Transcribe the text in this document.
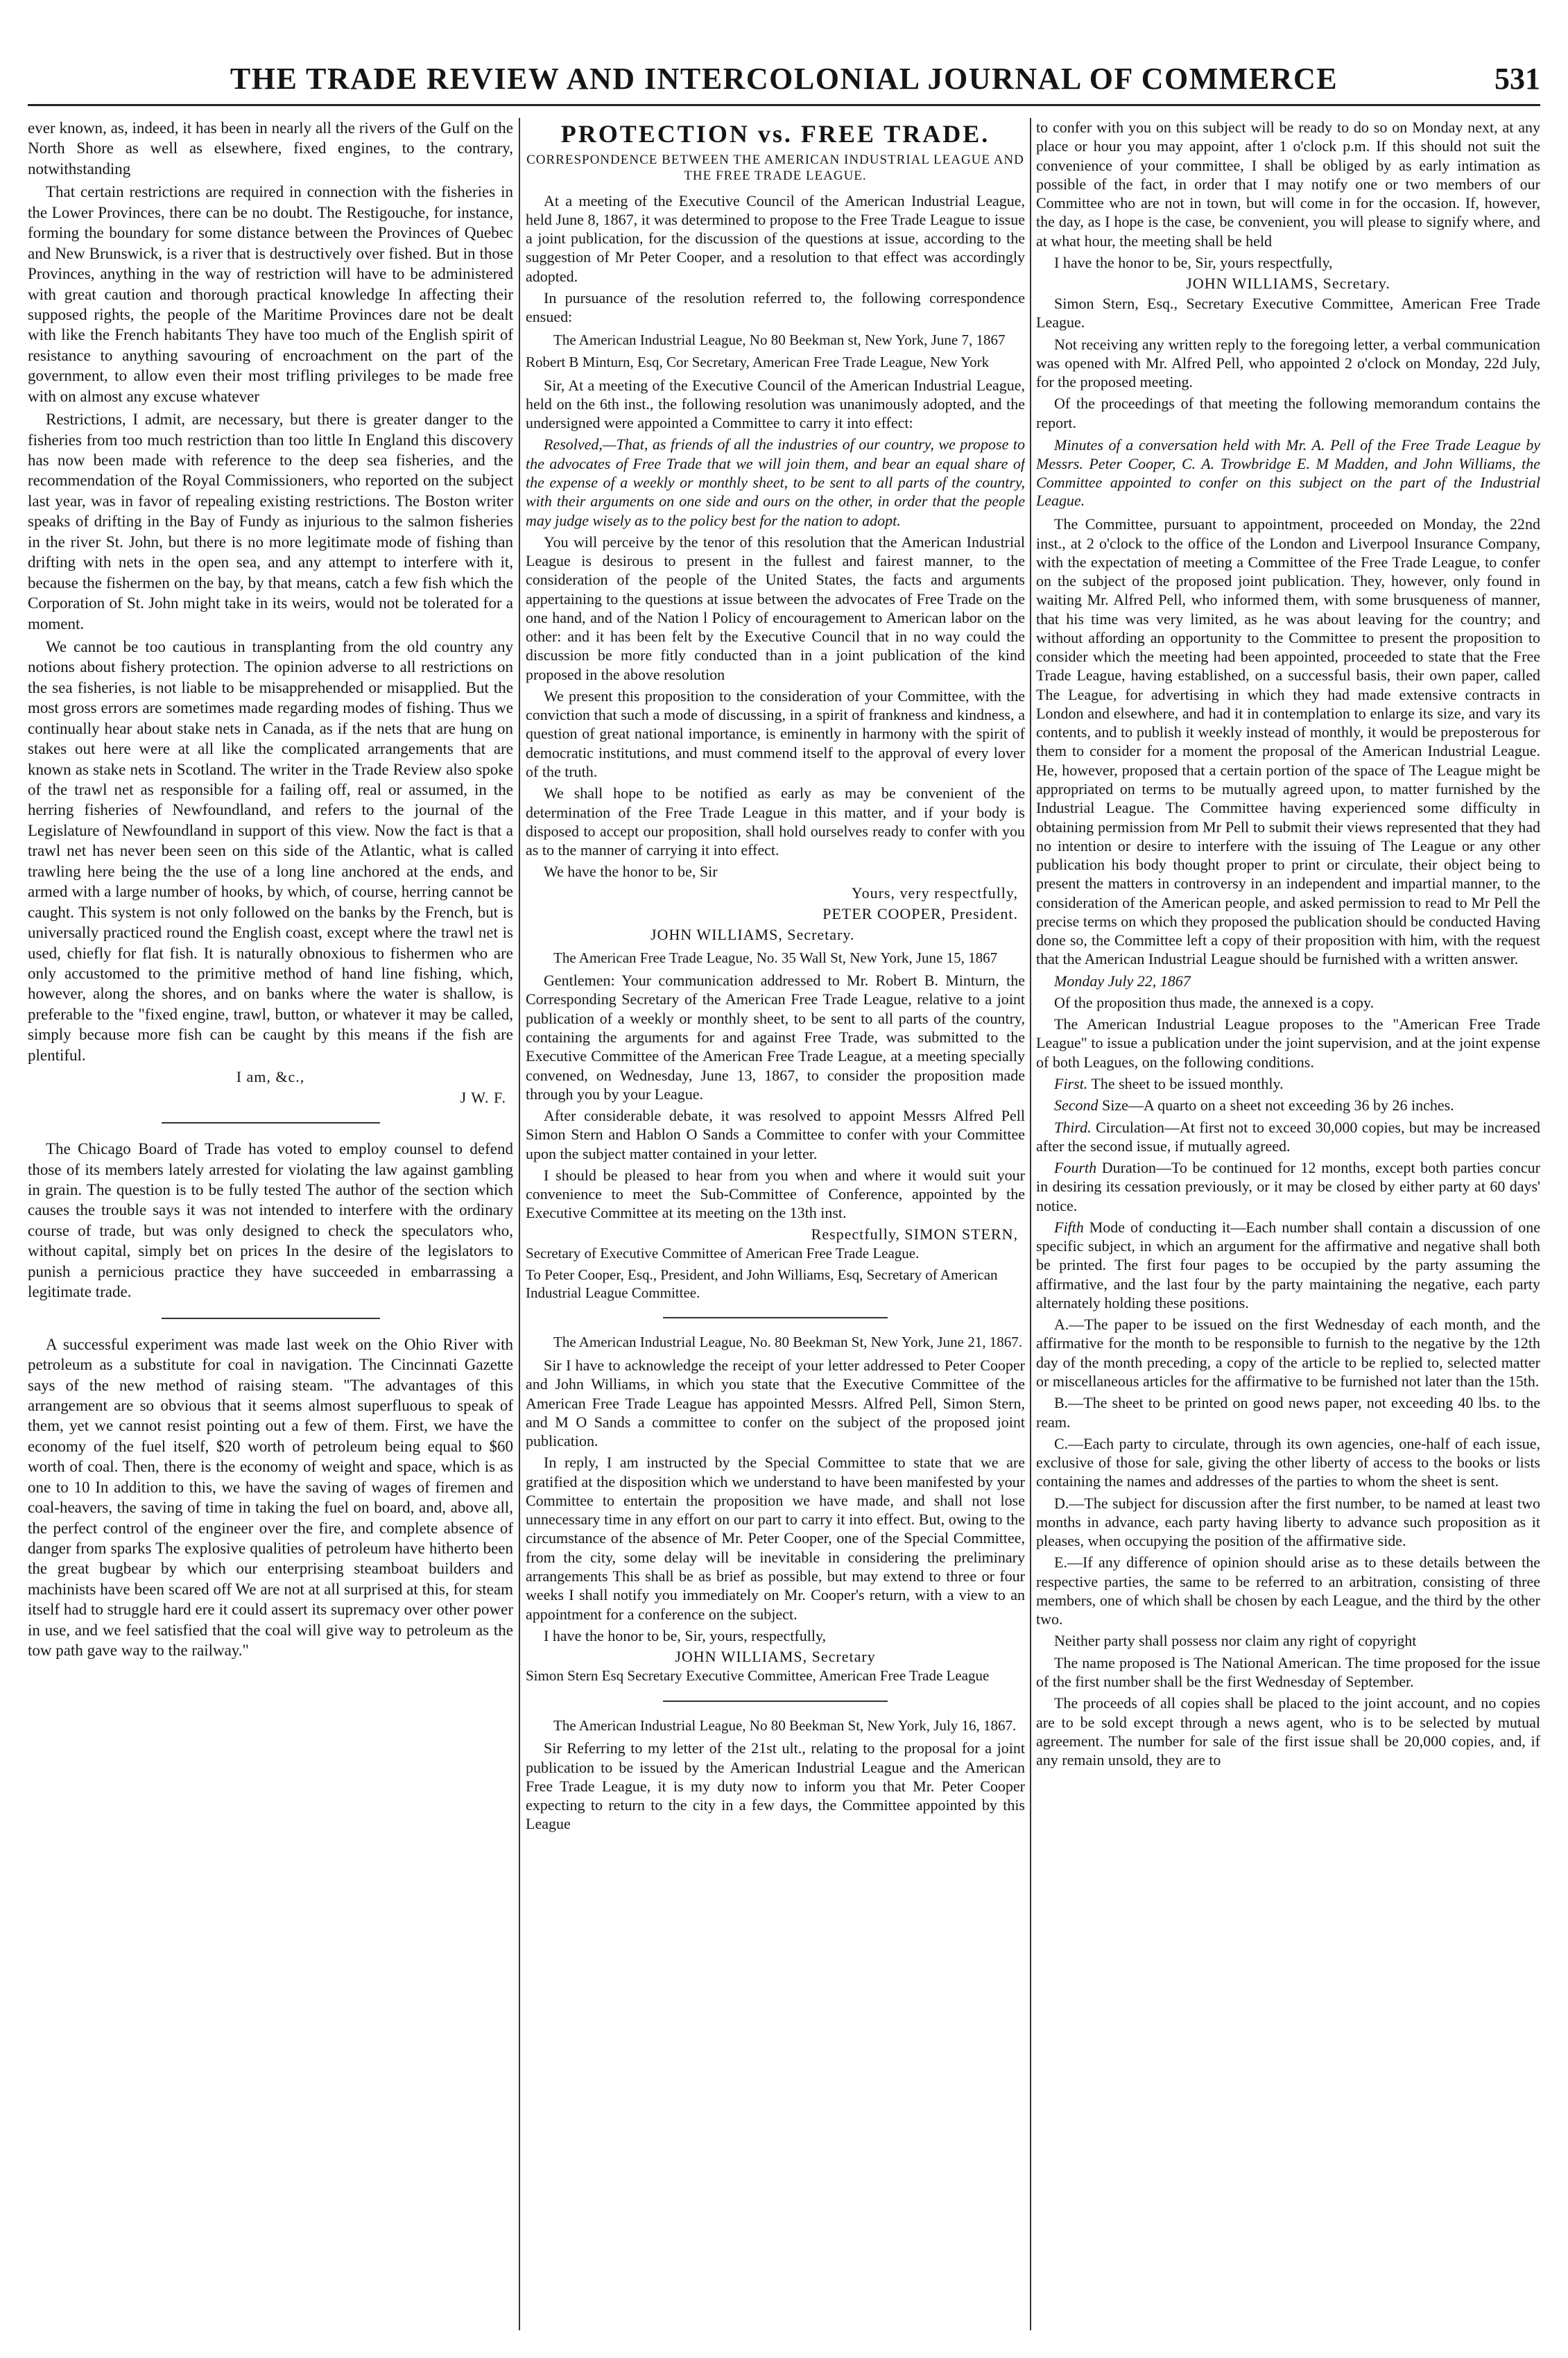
THE TRADE REVIEW AND INTERCOLONIAL JOURNAL OF COMMERCE	531

ever known, as, indeed, it has been in nearly all the rivers of the Gulf on the North Shore as well as elsewhere, fixed engines, to the contrary, notwithstanding

That certain restrictions are required in connection with the fisheries in the Lower Provinces, there can be no doubt. The Restigouche, for instance, forming the boundary for some distance between the Provinces of Quebec and New Brunswick, is a river that is destructively over fished. But in those Provinces, anything in the way of restriction will have to be administered with great caution and thorough practical knowledge In affecting their supposed rights, the people of the Maritime Provinces dare not be dealt with like the French habitants They have too much of the English spirit of resistance to anything savouring of encroachment on the part of the government, to allow even their most trifling privileges to be made free with on almost any excuse whatever

Restrictions, I admit, are necessary, but there is greater danger to the fisheries from too much restriction than too little In England this discovery has now been made with reference to the deep sea fisheries, and the recommendation of the Royal Commissioners, who reported on the subject last year, was in favor of repealing existing restrictions. The Boston writer speaks of drifting in the Bay of Fundy as injurious to the salmon fisheries in the river St. John, but there is no more legitimate mode of fishing than drifting with nets in the open sea, and any attempt to interfere with it, because the fishermen on the bay, by that means, catch a few fish which the Corporation of St. John might take in its weirs, would not be tolerated for a moment.

We cannot be too cautious in transplanting from the old country any notions about fishery protection. The opinion adverse to all restrictions on the sea fisheries, is not liable to be misapprehended or misapplied. But the most gross errors are sometimes made regarding modes of fishing. Thus we continually hear about stake nets in Canada, as if the nets that are hung on stakes out here were at all like the complicated arrangements that are known as stake nets in Scotland. The writer in the Trade Review also spoke of the trawl net as responsible for a failing off, real or assumed, in the herring fisheries of Newfoundland, and refers to the journal of the Legislature of Newfoundland in support of this view. Now the fact is that a trawl net has never been seen on this side of the Atlantic, what is called trawling here being the the use of a long line anchored at the ends, and armed with a large number of hooks, by which, of course, herring cannot be caught. This system is not only followed on the banks by the French, but is universally practiced round the English coast, except where the trawl net is used, chiefly for flat fish. It is naturally obnoxious to fishermen who are only accustomed to the primitive method of hand line fishing, which, however, along the shores, and on banks where the water is shallow, is preferable to the "fixed engine, trawl, button, or whatever it may be called, simply because more fish can be caught by this means if the fish are plentiful.

I am, &c.,
J W. F.

The Chicago Board of Trade has voted to employ counsel to defend those of its members lately arrested for violating the law against gambling in grain. The question is to be fully tested The author of the section which causes the trouble says it was not intended to interfere with the ordinary course of trade, but was only designed to check the speculators who, without capital, simply bet on prices In the desire of the legislators to punish a pernicious practice they have succeeded in embarrassing a legitimate trade.

A successful experiment was made last week on the Ohio River with petroleum as a substitute for coal in navigation. The Cincinnati Gazette says of the new method of raising steam. "The advantages of this arrangement are so obvious that it seems almost superfluous to speak of them, yet we cannot resist pointing out a few of them. First, we have the economy of the fuel itself, $20 worth of petroleum being equal to $60 worth of coal. Then, there is the economy of weight and space, which is as one to 10 In addition to this, we have the saving of wages of firemen and coal-heavers, the saving of time in taking the fuel on board, and, above all, the perfect control of the engineer over the fire, and complete absence of danger from sparks The explosive qualities of petroleum have hitherto been the great bugbear by which our enterprising steamboat builders and machinists have been scared off We are not at all surprised at this, for steam itself had to struggle hard ere it could assert its supremacy over other power in use, and we feel satisfied that the coal will give way to petroleum as the tow path gave way to the railway."

PROTECTION vs. FREE TRADE.
CORRESPONDENCE BETWEEN THE AMERICAN INDUSTRIAL LEAGUE AND THE FREE TRADE LEAGUE.

At a meeting of the Executive Council of the American Industrial League, held June 8, 1867, it was determined to propose to the Free Trade League to issue a joint publication, for the discussion of the questions at issue, according to the suggestion of Mr Peter Cooper, and a resolution to that effect was accordingly adopted.

In pursuance of the resolution referred to, the following correspondence ensued:

The American Industrial League, No 80 Beekman st, New York, June 7, 1867
Robert B Minturn, Esq, Cor Secretary, American Free Trade League, New York

Sir, At a meeting of the Executive Council of the American Industrial League, held on the 6th inst., the following resolution was unanimously adopted, and the undersigned were appointed a Committee to carry it into effect:

Resolved,—That, as friends of all the industries of our country, we propose to the advocates of Free Trade that we will join them, and bear an equal share of the expense of a weekly or monthly sheet, to be sent to all parts of the country, with their arguments on one side and ours on the other, in order that the people may judge wisely as to the policy best for the nation to adopt.

You will perceive by the tenor of this resolution that the American Industrial League is desirous to present in the fullest and fairest manner, to the consideration of the people of the United States, the facts and arguments appertaining to the questions at issue between the advocates of Free Trade on the one hand, and of the Nation l Policy of encouragement to American labor on the other: and it has been felt by the Executive Council that in no way could the discussion be more fitly conducted than in a joint publication of the kind proposed in the above resolution

We present this proposition to the consideration of your Committee, with the conviction that such a mode of discussing, in a spirit of frankness and kindness, a question of great national importance, is eminently in harmony with the spirit of democratic institutions, and must commend itself to the approval of every lover of the truth.

We shall hope to be notified as early as may be convenient of the determination of the Free Trade League in this matter, and if your body is disposed to accept our proposition, shall hold ourselves ready to confer with you as to the manner of carrying it into effect.

We have the honor to be, Sir

Yours, very respectfully,
PETER COOPER, President.
JOHN WILLIAMS, Secretary.
The American Free Trade League, No. 35 Wall St, New York, June 15, 1867

Gentlemen: Your communication addressed to Mr. Robert B. Minturn, the Corresponding Secretary of the American Free Trade League, relative to a joint publication of a weekly or monthly sheet, to be sent to all parts of the country, containing the arguments for and against Free Trade, was submitted to the Executive Committee of the American Free Trade League, at a meeting specially convened, on Wednesday, June 13, 1867, to consider the proposition made through you by your League.

After considerable debate, it was resolved to appoint Messrs Alfred Pell Simon Stern and Hablon O Sands a Committee to confer with your Committee upon the subject matter contained in your letter.

I should be pleased to hear from you when and where it would suit your convenience to meet the Sub-Committee of Conference, appointed by the Executive Committee at its meeting on the 13th inst.

Respectfully, SIMON STERN,
Secretary of Executive Committee of American Free Trade League.
To Peter Cooper, Esq., President, and John Williams, Esq, Secretary of American Industrial League Committee.
The American Industrial League, No. 80 Beekman St, New York, June 21, 1867.

Sir I have to acknowledge the receipt of your letter addressed to Peter Cooper and John Williams, in which you state that the Executive Committee of the American Free Trade League has appointed Messrs. Alfred Pell, Simon Stern, and M O Sands a committee to confer on the subject of the proposed joint publication.

In reply, I am instructed by the Special Committee to state that we are gratified at the disposition which we understand to have been manifested by your Committee to entertain the proposition we have made, and shall not lose unnecessary time in any effort on our part to carry it into effect. But, owing to the circumstance of the absence of Mr. Peter Cooper, one of the Special Committee, from the city, some delay will be inevitable in considering the preliminary arrangements This shall be as brief as possible, but may extend to three or four weeks I shall notify you immediately on Mr. Cooper's return, with a view to an appointment for a conference on the subject.

I have the honor to be, Sir, yours, respectfully,

JOHN WILLIAMS, Secretary
Simon Stern Esq Secretary Executive Committee, American Free Trade League
The American Industrial League, No 80 Beekman St, New York, July 16, 1867.

Sir Referring to my letter of the 21st ult., relating to the proposal for a joint publication to be issued by the American Industrial League and the American Free Trade League, it is my duty now to inform you that Mr. Peter Cooper expecting to return to the city in a few days, the Committee appointed by this League

to confer with you on this subject will be ready to do so on Monday next, at any place or hour you may appoint, after 1 o'clock p.m. If this should not suit the convenience of your committee, I shall be obliged by as early intimation as possible of the fact, in order that I may notify one or two members of our Committee who are not in town, but will come in for the occasion. If, however, the day, as I hope is the case, be convenient, you will please to signify where, and at what hour, the meeting shall be held

I have the honor to be, Sir, yours respectfully,

JOHN WILLIAMS, Secretary.

Simon Stern, Esq., Secretary Executive Committee, American Free Trade League.

Not receiving any written reply to the foregoing letter, a verbal communication was opened with Mr. Alfred Pell, who appointed 2 o'clock on Monday, 22d July, for the proposed meeting.

Of the proceedings of that meeting the following memorandum contains the report.

Minutes of a conversation held with Mr. A. Pell of the Free Trade League by Messrs. Peter Cooper, C. A. Trowbridge E. M Madden, and John Williams, the Committee appointed to confer on this subject on the part of the Industrial League.

The Committee, pursuant to appointment, proceeded on Monday, the 22nd inst., at 2 o'clock to the office of the London and Liverpool Insurance Company, with the expectation of meeting a Committee of the Free Trade League, to confer on the subject of the proposed joint publication. They, however, only found in waiting Mr. Alfred Pell, who informed them, with some brusqueness of manner, that his time was very limited, as he was about leaving for the country; and without affording an opportunity to the Committee to present the proposition to consider which the meeting had been appointed, proceeded to state that the Free Trade League, having established, on a successful basis, their own paper, called The League, for advertising in which they had made extensive contracts in London and elsewhere, and had it in contemplation to enlarge its size, and vary its contents, and to publish it weekly instead of monthly, it would be preposterous for them to consider for a moment the proposal of the American Industrial League. He, however, proposed that a certain portion of the space of The League might be appropriated on terms to be mutually agreed upon, to matter furnished by the Industrial League. The Committee having experienced some difficulty in obtaining permission from Mr Pell to submit their views represented that they had no intention or desire to interfere with the issuing of The League or any other publication his body thought proper to print or circulate, their object being to present the matters in controversy in an independent and impartial manner, to the consideration of the American people, and asked permission to read to Mr Pell the precise terms on which they proposed the publication should be conducted Having done so, the Committee left a copy of their proposition with him, with the request that the American Industrial League should be furnished with a written answer.

Monday July 22, 1867

Of the proposition thus made, the annexed is a copy.

The American Industrial League proposes to the "American Free Trade League" to issue a publication under the joint supervision, and at the joint expense of both Leagues, on the following conditions.

First. The sheet to be issued monthly.

Second Size—A quarto on a sheet not exceeding 36 by 26 inches.

Third. Circulation—At first not to exceed 30,000 copies, but may be increased after the second issue, if mutually agreed.

Fourth Duration—To be continued for 12 months, except both parties concur in desiring its cessation previously, or it may be closed by either party at 60 days' notice.

Fifth Mode of conducting it—Each number shall contain a discussion of one specific subject, in which an argument for the affirmative and negative shall both be printed. The first four pages to be occupied by the party assuming the affirmative, and the last four by the party maintaining the negative, each party alternately holding these positions.

A.—The paper to be issued on the first Wednesday of each month, and the affirmative for the month to be responsible to furnish to the negative by the 12th day of the month preceding, a copy of the article to be replied to, selected matter or miscellaneous articles for the affirmative to be furnished not later than the 15th.

B.—The sheet to be printed on good news paper, not exceeding 40 lbs. to the ream.

C.—Each party to circulate, through its own agencies, one-half of each issue, exclusive of those for sale, giving the other liberty of access to the books or lists containing the names and addresses of the parties to whom the sheet is sent.

D.—The subject for discussion after the first number, to be named at least two months in advance, each party having liberty to advance such proposition as it pleases, when occupying the position of the affirmative side.

E.—If any difference of opinion should arise as to these details between the respective parties, the same to be referred to an arbitration, consisting of three members, one of which shall be chosen by each League, and the third by the other two.

Neither party shall possess nor claim any right of copyright

The name proposed is The National American. The time proposed for the issue of the first number shall be the first Wednesday of September.

The proceeds of all copies shall be placed to the joint account, and no copies are to be sold except through a news agent, who is to be selected by mutual agreement. The number for sale of the first issue shall be 20,000 copies, and, if any remain unsold, they are to
